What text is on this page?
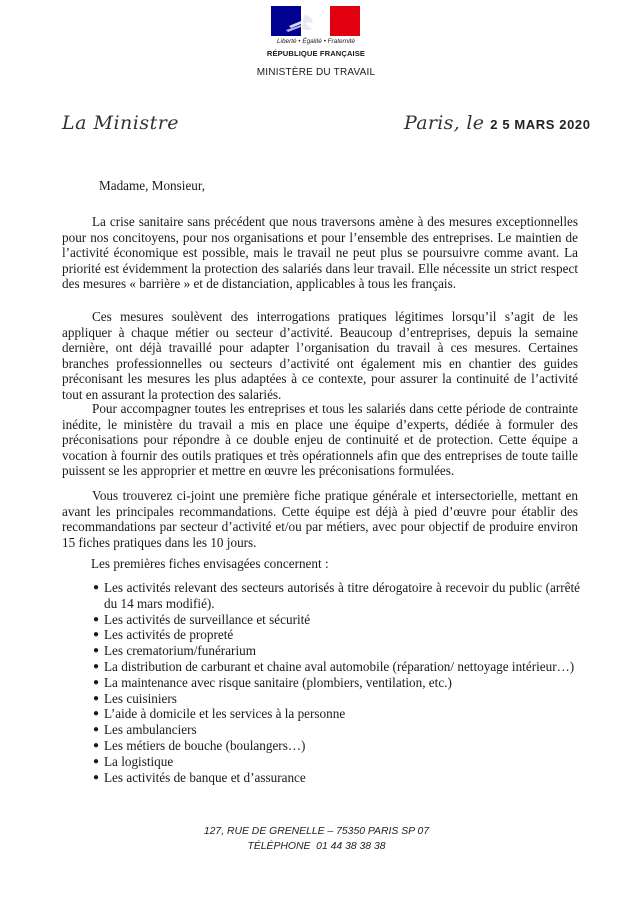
Liberté • Égalité • Fraternité
RÉPUBLIQUE FRANÇAISE
MINISTÈRE DU TRAVAIL
La Ministre	Paris, le 2 5 MARS 2020
Madame, Monsieur,

La crise sanitaire sans précédent que nous traversons amène à des mesures exceptionnelles pour nos concitoyens, pour nos organisations et pour l’ensemble des entreprises. Le maintien de l’activité économique est possible, mais le travail ne peut plus se poursuivre comme avant. La priorité est évidemment la protection des salariés dans leur travail. Elle nécessite un strict respect des mesures « barrière » et de distanciation, applicables à tous les français.

Ces mesures soulèvent des interrogations pratiques légitimes lorsqu’il s’agit de les appliquer à chaque métier ou secteur d’activité. Beaucoup d’entreprises, depuis la semaine dernière, ont déjà travaillé pour adapter l’organisation du travail à ces mesures. Certaines branches professionnelles ou secteurs d’activité ont également mis en chantier des guides préconisant les mesures les plus adaptées à ce contexte, pour assurer la continuité de l’activité tout en assurant la protection des salariés.

Pour accompagner toutes les entreprises et tous les salariés dans cette période de contrainte inédite, le ministère du travail a mis en place une équipe d’experts, dédiée à formuler des préconisations pour répondre à ce double enjeu de continuité et de protection. Cette équipe a vocation à fournir des outils pratiques et très opérationnels afin que des entreprises de toute taille puissent se les approprier et mettre en œuvre les préconisations formulées.

Vous trouverez ci-joint une première fiche pratique générale et intersectorielle, mettant en avant les principales recommandations. Cette équipe est déjà à pied d’œuvre pour établir des recommandations par secteur d’activité et/ou par métiers, avec pour objectif de produire environ 15 fiches pratiques dans les 10 jours.

Les premières fiches envisagées concernent :
● Les activités relevant des secteurs autorisés à titre dérogatoire à recevoir du public (arrêté du 14 mars modifié).
● Les activités de surveillance et sécurité
● Les activités de propreté
● Les crematorium/funérarium
● La distribution de carburant et chaine aval automobile (réparation/ nettoyage intérieur…)
● La maintenance avec risque sanitaire (plombiers, ventilation, etc.)
● Les cuisiniers
● L’aide à domicile et les services à la personne
● Les ambulanciers
● Les métiers de bouche (boulangers…)
● La logistique
● Les activités de banque et d’assurance
127, RUE DE GRENELLE – 75350 PARIS SP 07
TÉLÉPHONE  01 44 38 38 38
